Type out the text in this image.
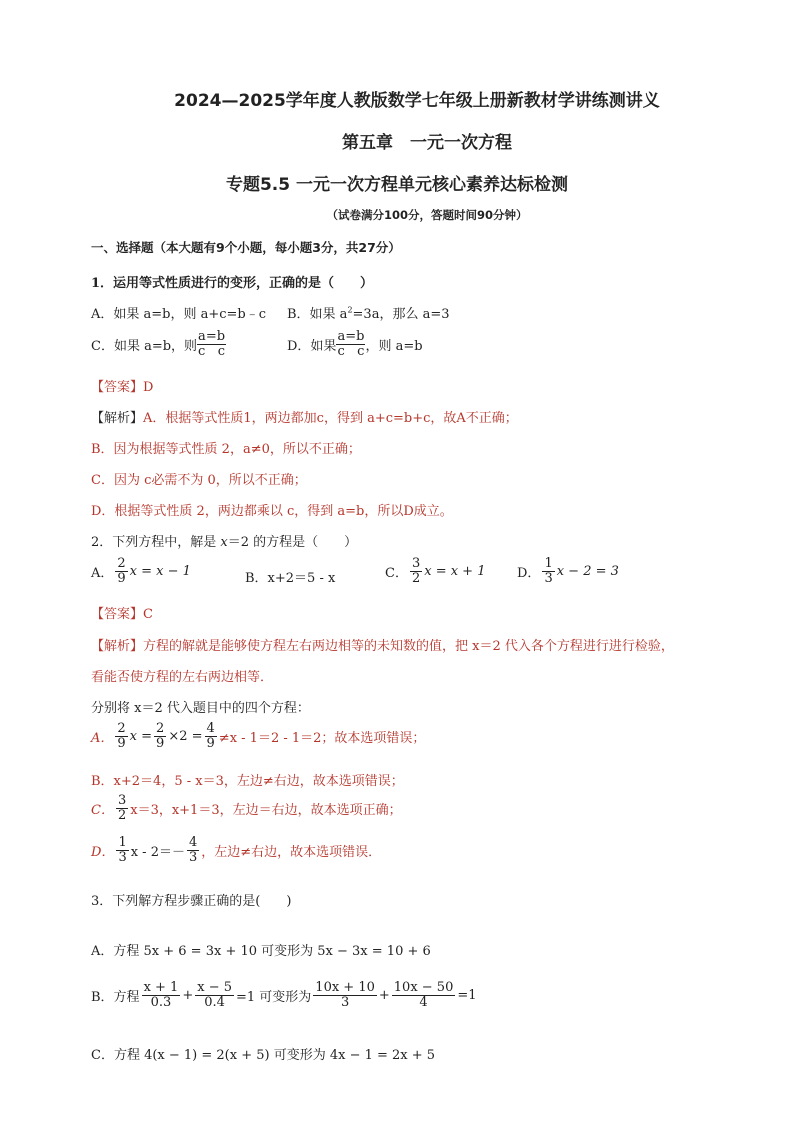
2024—2025学年度人教版数学七年级上册新教材学讲练测讲义
第五章　一元一次方程
专题5.5 一元一次方程单元核心素养达标检测
（试卷满分100分，答题时间90分钟）
一、选择题（本大题有9个小题，每小题3分，共27分）
1．运用等式性质进行的变形，正确的是（　　）
A．如果 a=b，则 a+c=b﹣c B．如果 $a^2=3a$，那么 a=3
C．如果 a=b，则
a=b
c
c	D．如果
a=b
c
c ，则 a=b
【答案】D
【解析】A．根据等式性质1，两边都加c，得到 a+c=b+c，故A不正确；
B．因为根据等式性质 2，a≠0，所以不正确；
C．因为 c必需不为 0，所以不正确；
D．根据等式性质 2，两边都乘以 c，得到 a=b，所以D成立。
2．下列方程中，解是 x＝2 的方程是（　　）
A． $\frac{2}{9}$ x = x − 1	B．x+2＝5 - x	C． $\frac{3}{2}$ x = x + 1 D． $\frac{1}{3}$ x − 2 = 3
【答案】C
【解析】方程的解就是能够使方程左右两边相等的未知数的值，把 x＝2 代入各个方程进行进行检验，
看能否使方程的左右两边相等．
分别将 x＝2 代入题目中的四个方程：
A． $\frac{2}{9}$ $x = \frac{2}{9} \times 2 = \frac{4}{9} \ne x - 1=2 - 1=2$；故本选项错误；
B．x+2＝4，5 - x＝3，左边≠右边，故本选项错误；
C． $\frac{3}{2} x=3$，x+1＝3，左边＝右边，故本选项正确；
D． $\frac{1}{3}$ $x - 2=- \frac{4}{3}$ ，左边≠右边，故本选项错误．
3．下列解方程步骤正确的是(　　)
A．方程 5x + 6 = 3x + 10 可变形为 5x − 3x = 10 + 6
B．方程 $\frac{x + 1}{0.3} + \frac{x - 5}{0.4} =1$ 可变形为 $\frac{10x + 10}{3} + \frac{10x - 50}{4} =1$
C．方程 4(x − 1) = 2(x + 5) 可变形为 4x − 1 = 2x + 5
